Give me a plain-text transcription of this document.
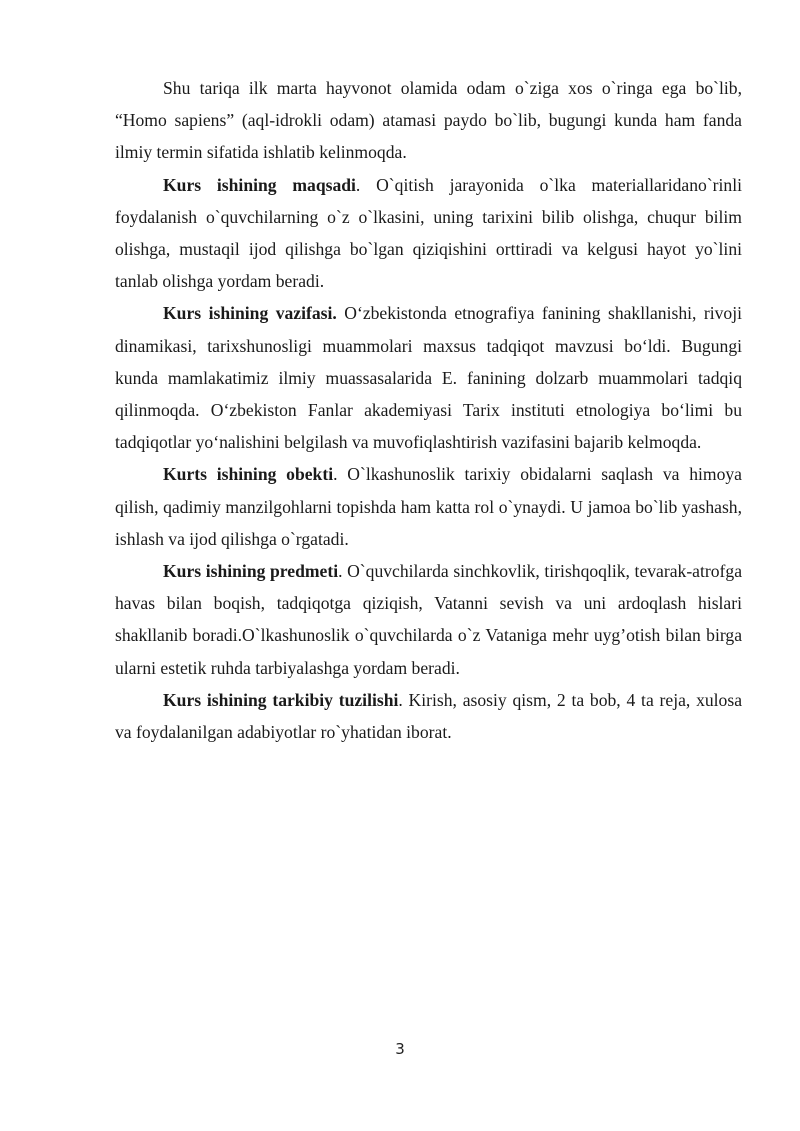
Shu tariqa ilk marta hayvonot olamida odam o`ziga xos o`ringa ega bo`lib, “Homo sapiens” (aql-idrokli odam) atamasi paydo bo`lib, bugungi kunda ham fanda ilmiy termin sifatida ishlatib kelinmoqda.

Kurs ishining maqsadi. O`qitish jarayonida o`lka materiallaridano`rinli foydalanish o`quvchilarning o`z o`lkasini, uning tarixini bilib olishga, chuqur bilim olishga, mustaqil ijod qilishga bo`lgan qiziqishini orttiradi va kelgusi hayot yo`lini tanlab olishga yordam beradi.

Kurs ishining vazifasi. O‘zbekistonda etnografiya fanining shakllanishi, rivoji dinamikasi, tarixshunosligi muammolari maxsus tadqiqot mavzusi bo‘ldi. Bugungi kunda mamlakatimiz ilmiy muassasalarida E. fanining dolzarb muammolari tadqiq qilinmoqda. O‘zbekiston Fanlar akademiyasi Tarix instituti etnologiya bo‘limi bu tadqiqotlar yo‘nalishini belgilash va muvofiqlashtirish vazifasini bajarib kelmoqda.

Kurts ishining obekti. O`lkashunoslik tarixiy obidalarni saqlash va himoya qilish, qadimiy manzilgohlarni topishda ham katta rol o`ynaydi. U jamoa bo`lib yashash, ishlash va ijod qilishga o`rgatadi.

Kurs ishining predmeti. O`quvchilarda sinchkovlik, tirishqoqlik, tevarak-atrofga havas bilan boqish, tadqiqotga qiziqish, Vatanni sevish va uni ardoqlash hislari shakllanib boradi.O`lkashunoslik o`quvchilarda o`z Vataniga mehr uyg’otish bilan birga ularni estetik ruhda tarbiyalashga yordam beradi.

Kurs ishining tarkibiy tuzilishi. Kirish, asosiy qism, 2 ta bob, 4 ta reja, xulosa va foydalanilgan adabiyotlar ro`yhatidan iborat.

3
